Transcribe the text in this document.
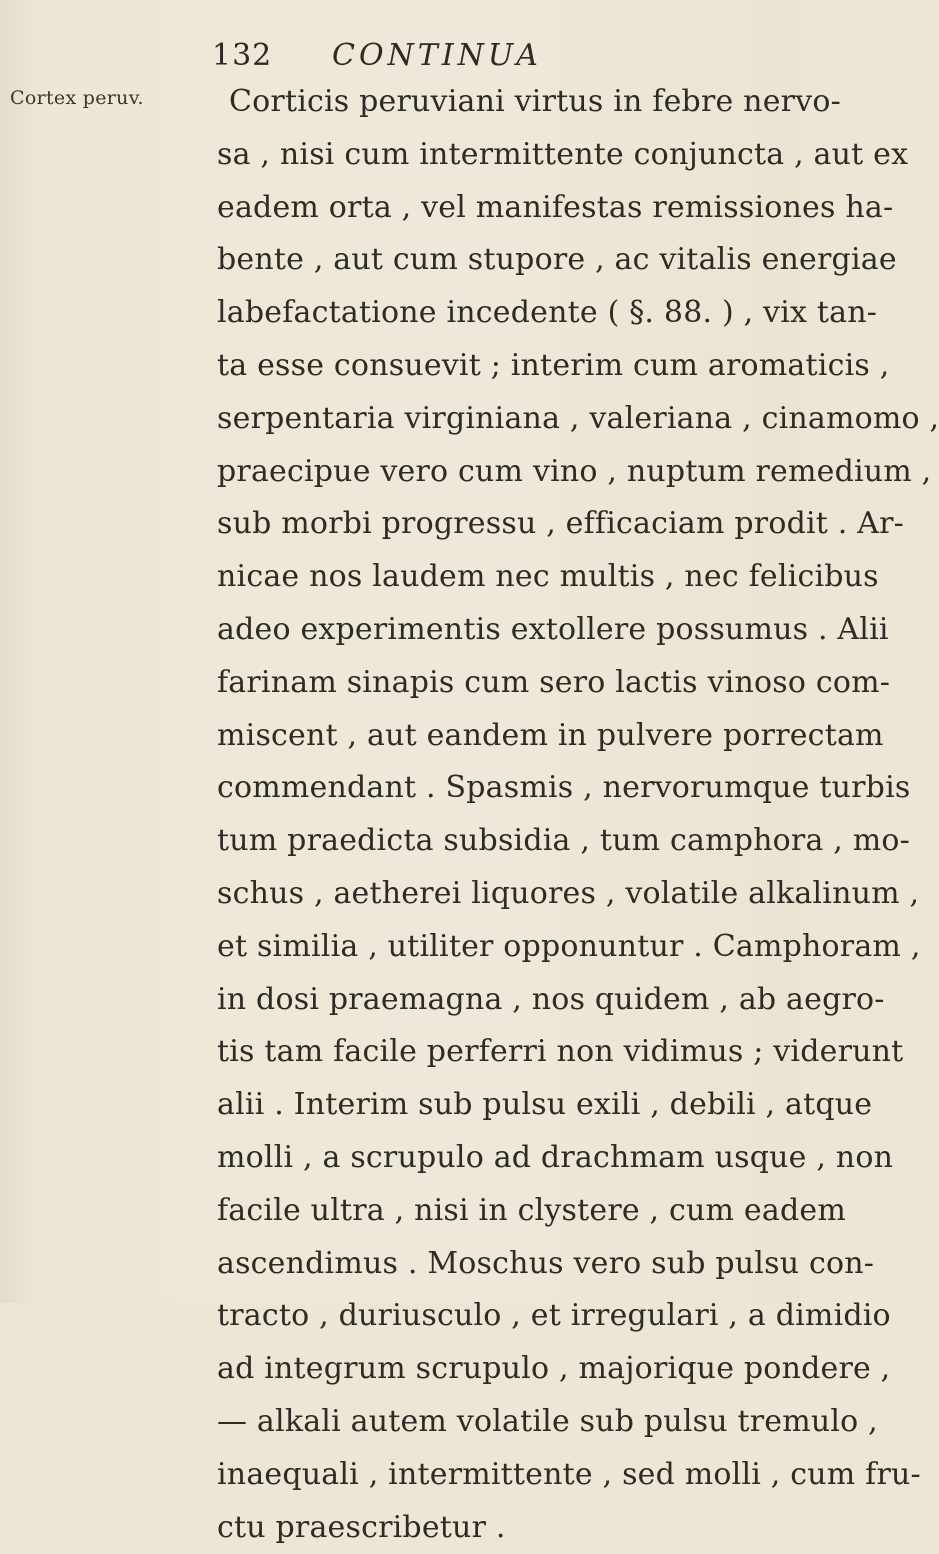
132 CONTINUA
Cortex peruv.	Corticis peruviani virtus in febre nervo-
sa , nisi cum intermittente conjuncta , aut ex
eadem orta , vel manifestas remissiones ha-
bente , aut cum stupore , ac vitalis energiae
labefactatione incedente ( §. 88. ) , vix tan-
ta esse consuevit ; interim cum aromaticis ,
serpentaria virginiana , valeriana , cinamomo ,
praecipue vero cum vino , nuptum remedium ,
sub morbi progressu , efficaciam prodit . Ar-
nicae nos laudem nec multis , nec felicibus
adeo experimentis extollere possumus . Alii
farinam sinapis cum sero lactis vinoso com-
miscent , aut eandem in pulvere porrectam
commendant . Spasmis , nervorumque turbis
tum praedicta subsidia , tum camphora , mo-
schus , aetherei liquores , volatile alkalinum ,
et similia , utiliter opponuntur . Camphoram ,
in dosi praemagna , nos quidem , ab aegro-
tis tam facile perferri non vidimus ; viderunt
alii . Interim sub pulsu exili , debili , atque
molli , a scrupulo ad drachmam usque , non
facile ultra , nisi in clystere , cum eadem
ascendimus . Moschus vero sub pulsu con-
tracto , duriusculo , et irregulari , a dimidio
ad integrum scrupulo , majorique pondere ,
— alkali autem volatile sub pulsu tremulo ,
inaequali , intermittente , sed molli , cum fru-
ctu praescribetur .
